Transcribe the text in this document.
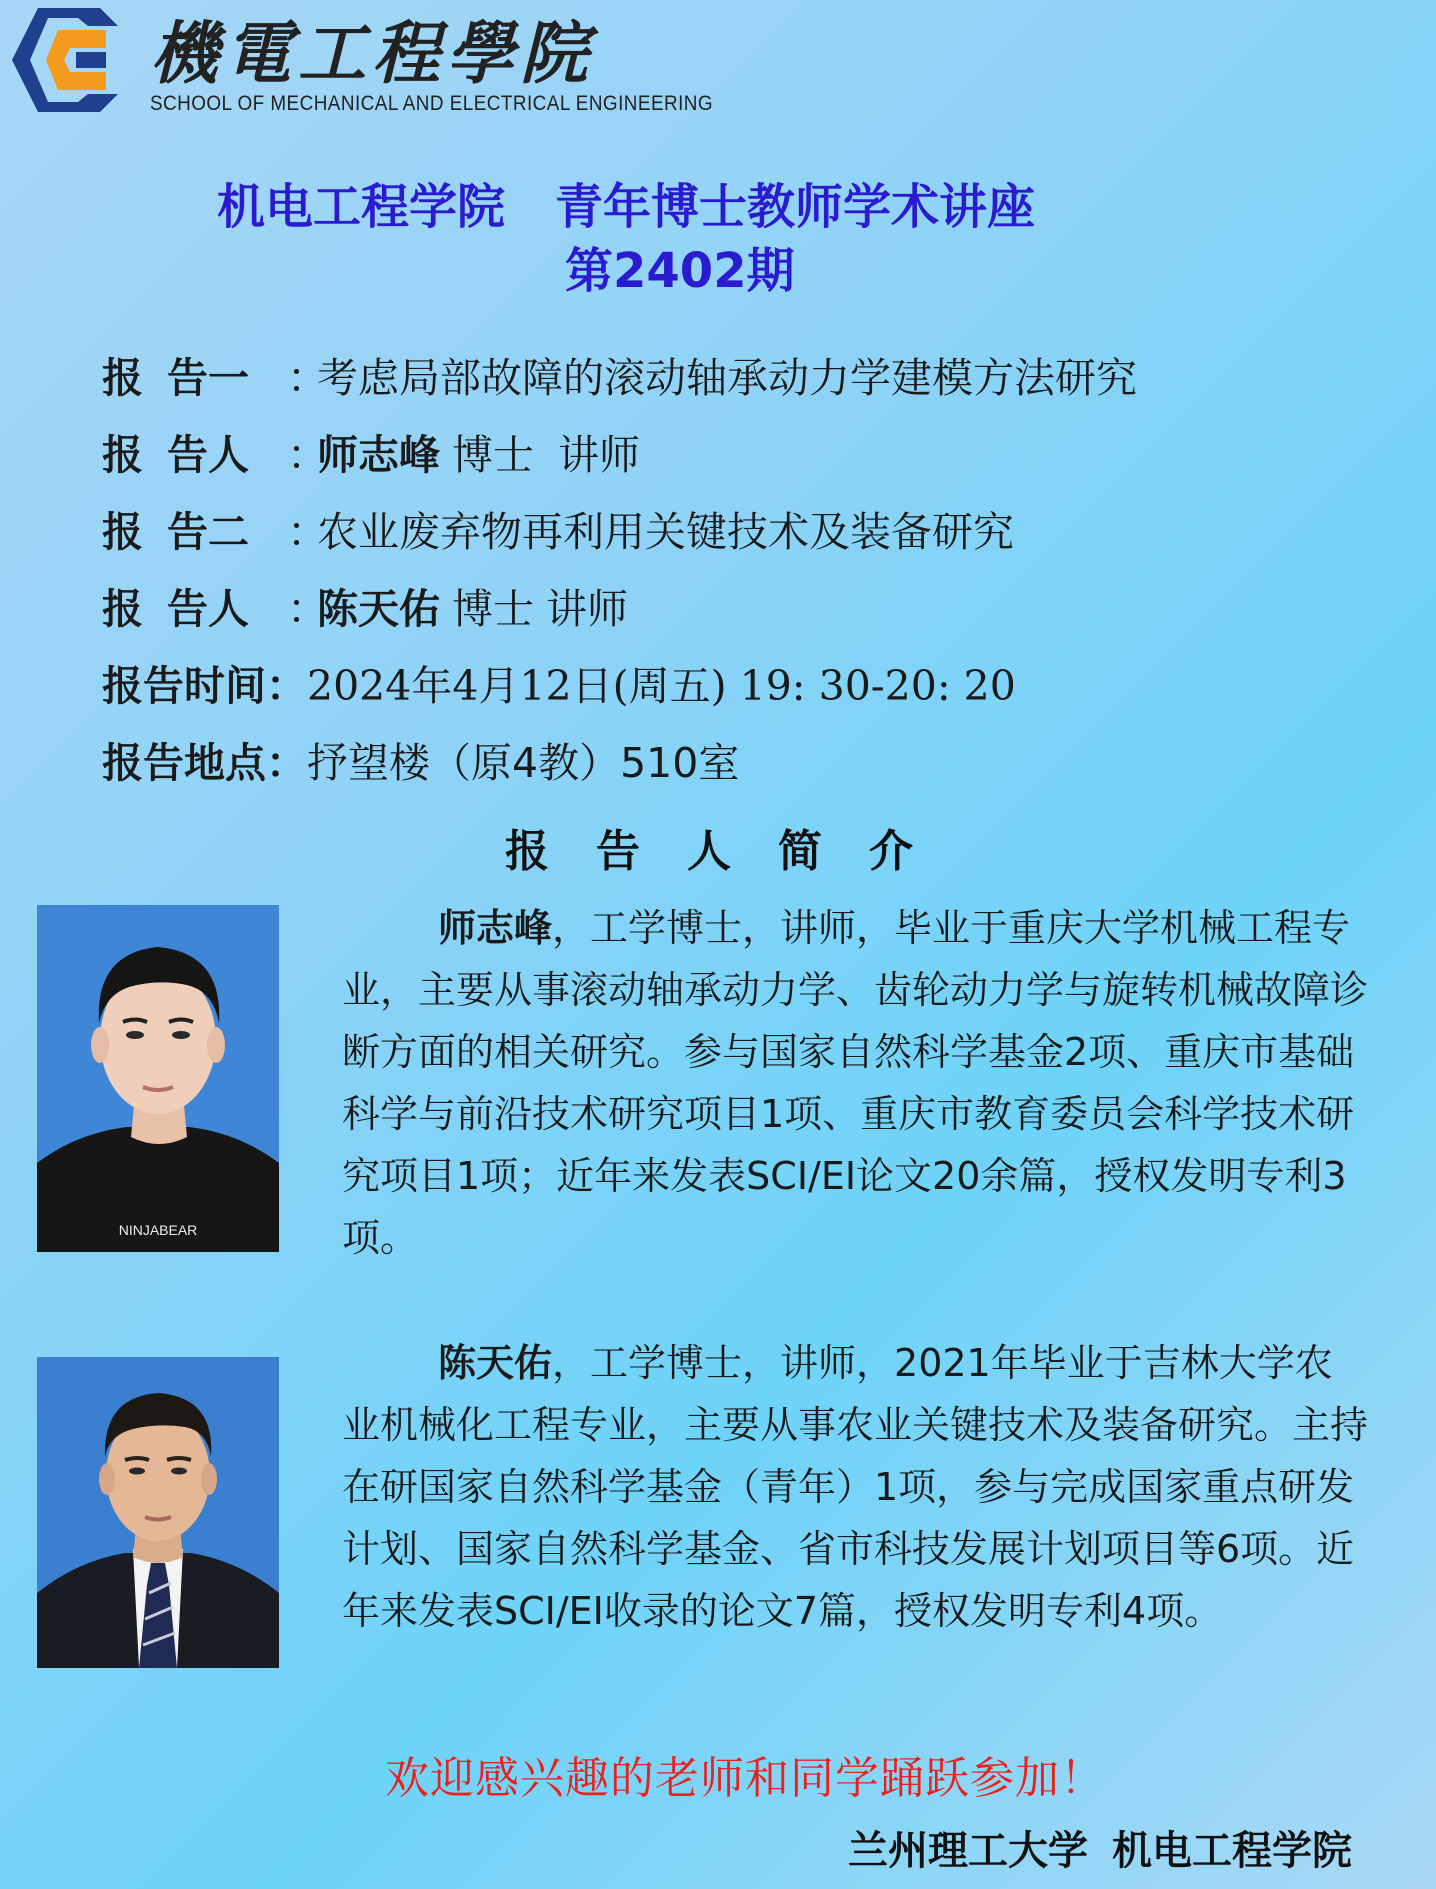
機電工程學院
SCHOOL OF MECHANICAL AND ELECTRICAL ENGINEERING
机电工程学院 青年博士教师学术讲座
第2402期
报 告一 ：考虑局部故障的滚动轴承动力学建模方法研究
报 告人 ：师志峰 博士 讲师
报 告二 ：农业废弃物再利用关键技术及装备研究
报 告人 ：陈天佑 博士 讲师
报告时间：2024年4月12日(周五) 19: 30-20: 20
报告地点：抒望楼（原4教）510室
报告人简介
NINJABEAR
师志峰，工学博士，讲师，毕业于重庆大学机械工程专业，主要从事滚动轴承动力学、齿轮动力学与旋转机械故障诊断方面的相关研究。参与国家自然科学基金2项、重庆市基础科学与前沿技术研究项目1项、重庆市教育委员会科学技术研究项目1项；近年来发表SCI/EI论文20余篇，授权发明专利3项。
陈天佑，工学博士，讲师，2021年毕业于吉林大学农业机械化工程专业，主要从事农业关键技术及装备研究。主持在研国家自然科学基金（青年）1项，参与完成国家重点研发计划、国家自然科学基金、省市科技发展计划项目等6项。近年来发表SCI/EI收录的论文7篇，授权发明专利4项。
欢迎感兴趣的老师和同学踊跃参加！
兰州理工大学 机电工程学院
